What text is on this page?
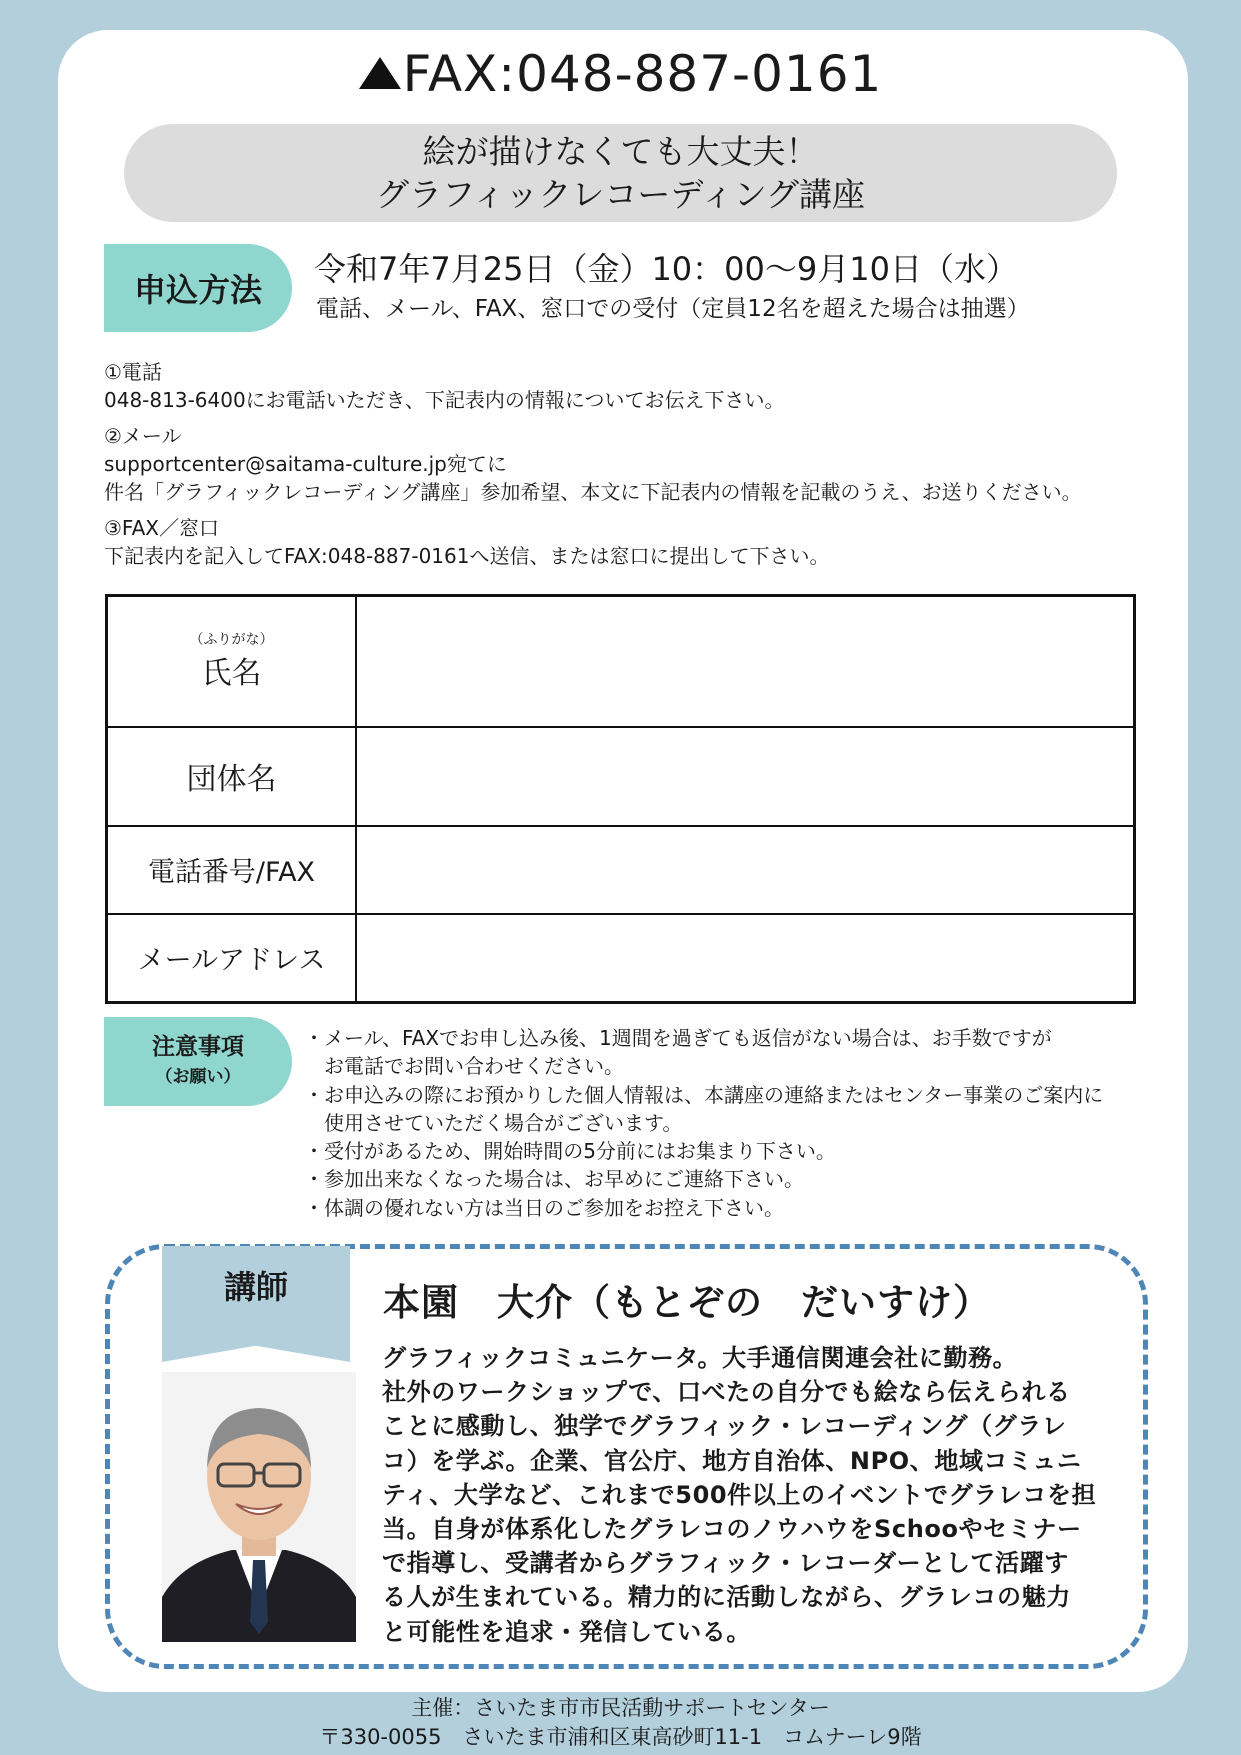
FAX:048-887-0161
絵が描けなくても大丈夫！
グラフィックレコーディング講座
申込方法
令和7年7月25日（金）10：00〜9月10日（水）
電話、メール、FAX、窓口での受付（定員12名を超えた場合は抽選）
①電話
048-813-6400にお電話いただき、下記表内の情報についてお伝え下さい。
②メール
supportcenter@saitama-culture.jp宛てに
件名「グラフィックレコーディング講座」参加希望、本文に下記表内の情報を記載のうえ、お送りください。
③FAX／窓口
下記表内を記入してFAX:048-887-0161へ送信、または窓口に提出して下さい。
（ふりがな）
氏名	
団体名	
電話番号/FAX	
メールアドレス	
注意事項
（お願い）
・メール、FAXでお申し込み後、1週間を過ぎても返信がない場合は、お手数ですが
お電話でお問い合わせください。
・お申込みの際にお預かりした個人情報は、本講座の連絡またはセンター事業のご案内に
使用させていただく場合がございます。
・受付があるため、開始時間の5分前にはお集まり下さい。
・参加出来なくなった場合は、お早めにご連絡下さい。
・体調の優れない方は当日のご参加をお控え下さい。
講師	本園　大介（もとぞの　だいすけ）
グラフィックコミュニケータ。大手通信関連会社に勤務。
社外のワークショップで、口べたの自分でも絵なら伝えられる
ことに感動し、独学でグラフィック・レコーディング（グラレ
コ）を学ぶ。企業、官公庁、地方自治体、NPO、地域コミュニ
ティ、大学など、これまで500件以上のイベントでグラレコを担
当。自身が体系化したグラレコのノウハウをSchooやセミナー
で指導し、受講者からグラフィック・レコーダーとして活躍す
る人が生まれている。精力的に活動しながら、グラレコの魅力
と可能性を追求・発信している。
主催：さいたま市市民活動サポートセンター
〒330-0055　さいたま市浦和区東高砂町11-1　コムナーレ9階
